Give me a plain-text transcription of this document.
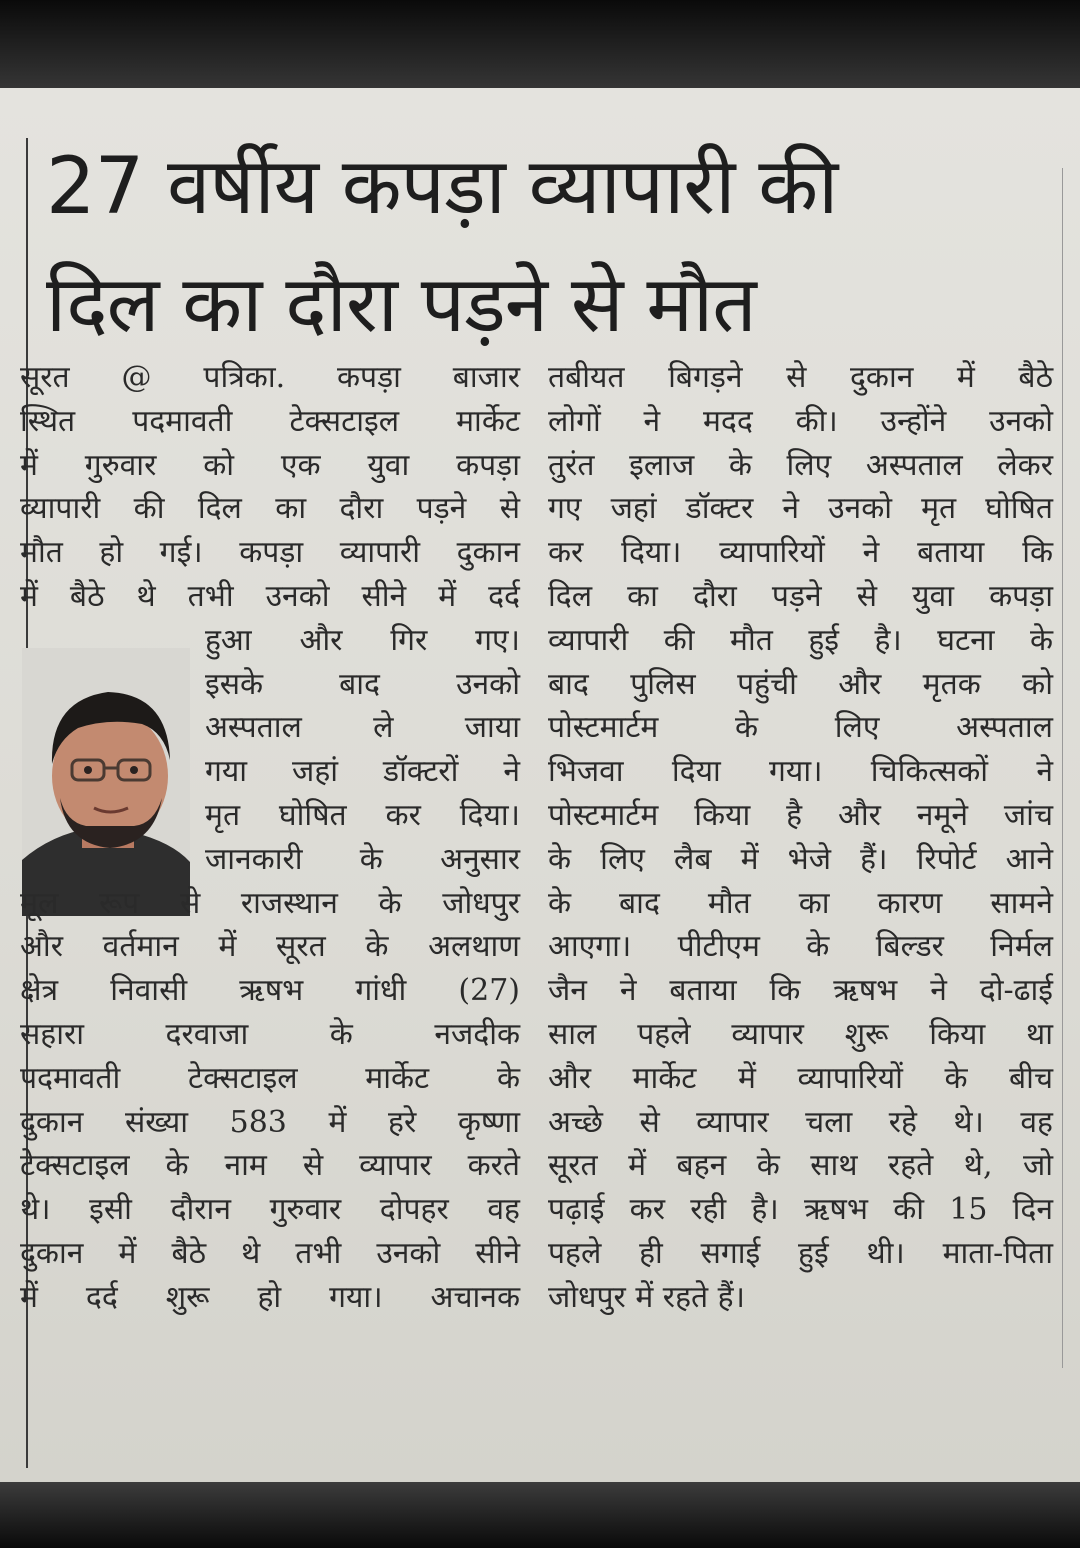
27 वर्षीय कपड़ा व्यापारी की
दिल का दौरा पड़ने से मौत
सूरत @ पत्रिका. कपड़ा बाजार
स्थित पदमावती टेक्सटाइल मार्केट
में गुरुवार को एक युवा कपड़ा
व्यापारी की दिल का दौरा पड़ने से
मौत हो गई। कपड़ा व्यापारी दुकान
में बैठे थे तभी उनको सीने में दर्द
हुआ और गिर गए।
इसके बाद उनको
अस्पताल ले जाया
गया जहां डॉक्टरों ने
मृत घोषित कर दिया।
जानकारी के अनुसार
मूल रूप से राजस्थान के जोधपुर
और वर्तमान में सूरत के अलथाण
क्षेत्र निवासी ऋषभ गांधी (27)
सहारा दरवाजा के नजदीक
पदमावती टेक्सटाइल मार्केट के
दुकान संख्या 583 में हरे कृष्णा
टेक्सटाइल के नाम से व्यापार करते
थे। इसी दौरान गुरुवार दोपहर वह
दुकान में बैठे थे तभी उनको सीने
में दर्द शुरू हो गया। अचानक
तबीयत बिगड़ने से दुकान में बैठे
लोगों ने मदद की। उन्होंने उनको
तुरंत इलाज के लिए अस्पताल लेकर
गए जहां डॉक्टर ने उनको मृत घोषित
कर दिया। व्यापारियों ने बताया कि
दिल का दौरा पड़ने से युवा कपड़ा
व्यापारी की मौत हुई है। घटना के
बाद पुलिस पहुंची और मृतक को
पोस्टमार्टम के लिए अस्पताल
भिजवा दिया गया। चिकित्सकों ने
पोस्टमार्टम किया है और नमूने जांच
के लिए लैब में भेजे हैं। रिपोर्ट आने
के बाद मौत का कारण सामने
आएगा। पीटीएम के बिल्डर निर्मल
जैन ने बताया कि ऋषभ ने दो-ढाई
साल पहले व्यापार शुरू किया था
और मार्केट में व्यापारियों के बीच
अच्छे से व्यापार चला रहे थे। वह
सूरत में बहन के साथ रहते थे, जो
पढ़ाई कर रही है। ऋषभ की 15 दिन
पहले ही सगाई हुई थी। माता-पिता
जोधपुर में रहते हैं।
